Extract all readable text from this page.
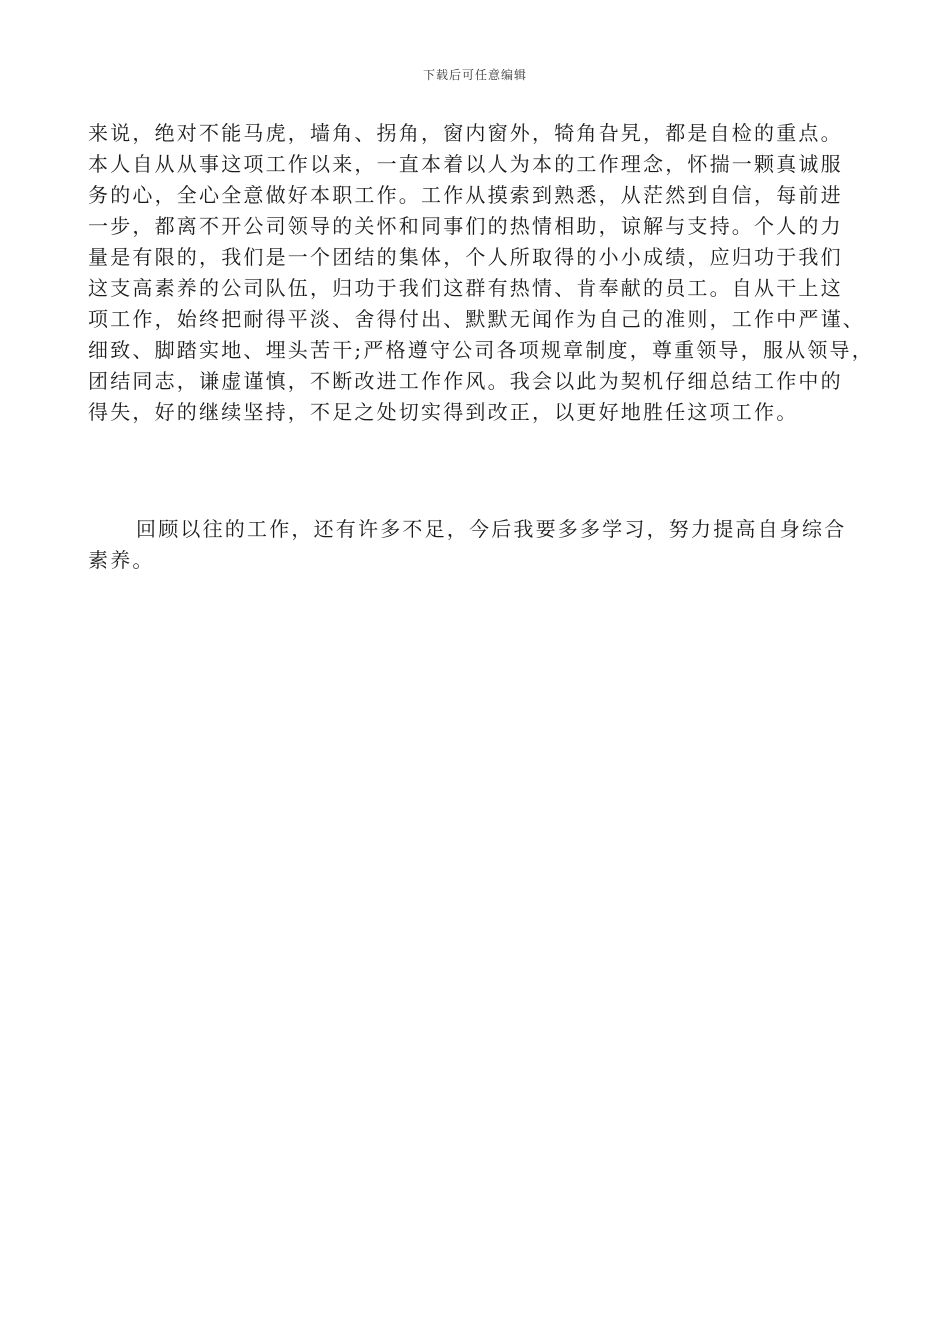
下载后可任意编辑
来说，绝对不能马虎，墙角、拐角，窗内窗外，犄角旮旯，都是自检的重点。
本人自从从事这项工作以来，一直本着以人为本的工作理念，怀揣一颗真诚服
务的心，全心全意做好本职工作。工作从摸索到熟悉，从茫然到自信，每前进
一步，都离不开公司领导的关怀和同事们的热情相助，谅解与支持。个人的力
量是有限的，我们是一个团结的集体，个人所取得的小小成绩，应归功于我们
这支高素养的公司队伍，归功于我们这群有热情、肯奉献的员工。自从干上这
项工作，始终把耐得平淡、舍得付出、默默无闻作为自己的准则，工作中严谨、
细致、脚踏实地、埋头苦干;严格遵守公司各项规章制度，尊重领导，服从领导，
团结同志，谦虚谨慎，不断改进工作作风。我会以此为契机仔细总结工作中的
得失，好的继续坚持，不足之处切实得到改正，以更好地胜任这项工作。
回顾以往的工作，还有许多不足，今后我要多多学习，努力提高自身综合
素养。
